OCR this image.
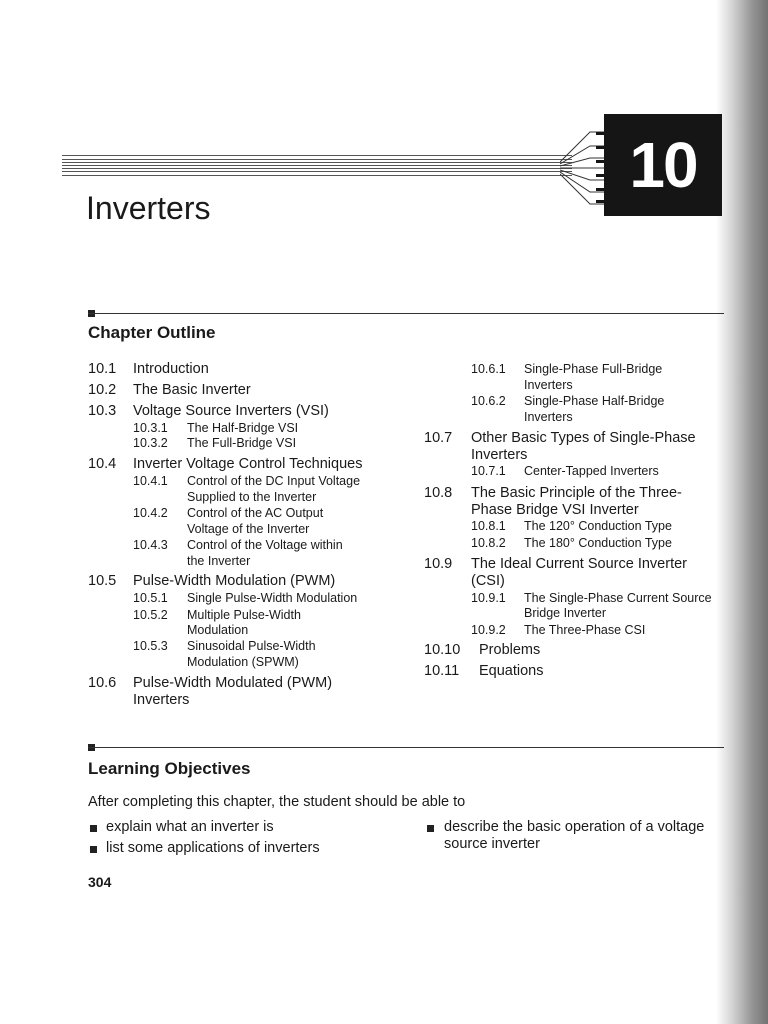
10
Inverters
Chapter Outline
10.1 Introduction
10.2 The Basic Inverter
10.3 Voltage Source Inverters (VSI)
10.3.1 The Half-Bridge VSI
10.3.2 The Full-Bridge VSI
10.4 Inverter Voltage Control Techniques
10.4.1 Control of the DC Input Voltage
Supplied to the Inverter
10.4.2 Control of the AC Output
Voltage of the Inverter
10.4.3 Control of the Voltage within
the Inverter
10.5 Pulse-Width Modulation (PWM)
10.5.1 Single Pulse-Width Modulation
10.5.2 Multiple Pulse-Width
Modulation
10.5.3 Sinusoidal Pulse-Width
Modulation (SPWM)
10.6 Pulse-Width Modulated (PWM)
Inverters
10.6.1 Single-Phase Full-Bridge
Inverters
10.6.2 Single-Phase Half-Bridge
Inverters
10.7 Other Basic Types of Single-Phase
Inverters
10.7.1 Center-Tapped Inverters
10.8 The Basic Principle of the Three-
Phase Bridge VSI Inverter
10.8.1 The 120° Conduction Type
10.8.2 The 180° Conduction Type
10.9 The Ideal Current Source Inverter
(CSI)
10.9.1 The Single-Phase Current Source
Bridge Inverter
10.9.2 The Three-Phase CSI
10.10 Problems
10.11 Equations
Learning Objectives
After completing this chapter, the student should be able to
explain what an inverter is
list some applications of inverters
describe the basic operation of a voltage
source inverter
304
